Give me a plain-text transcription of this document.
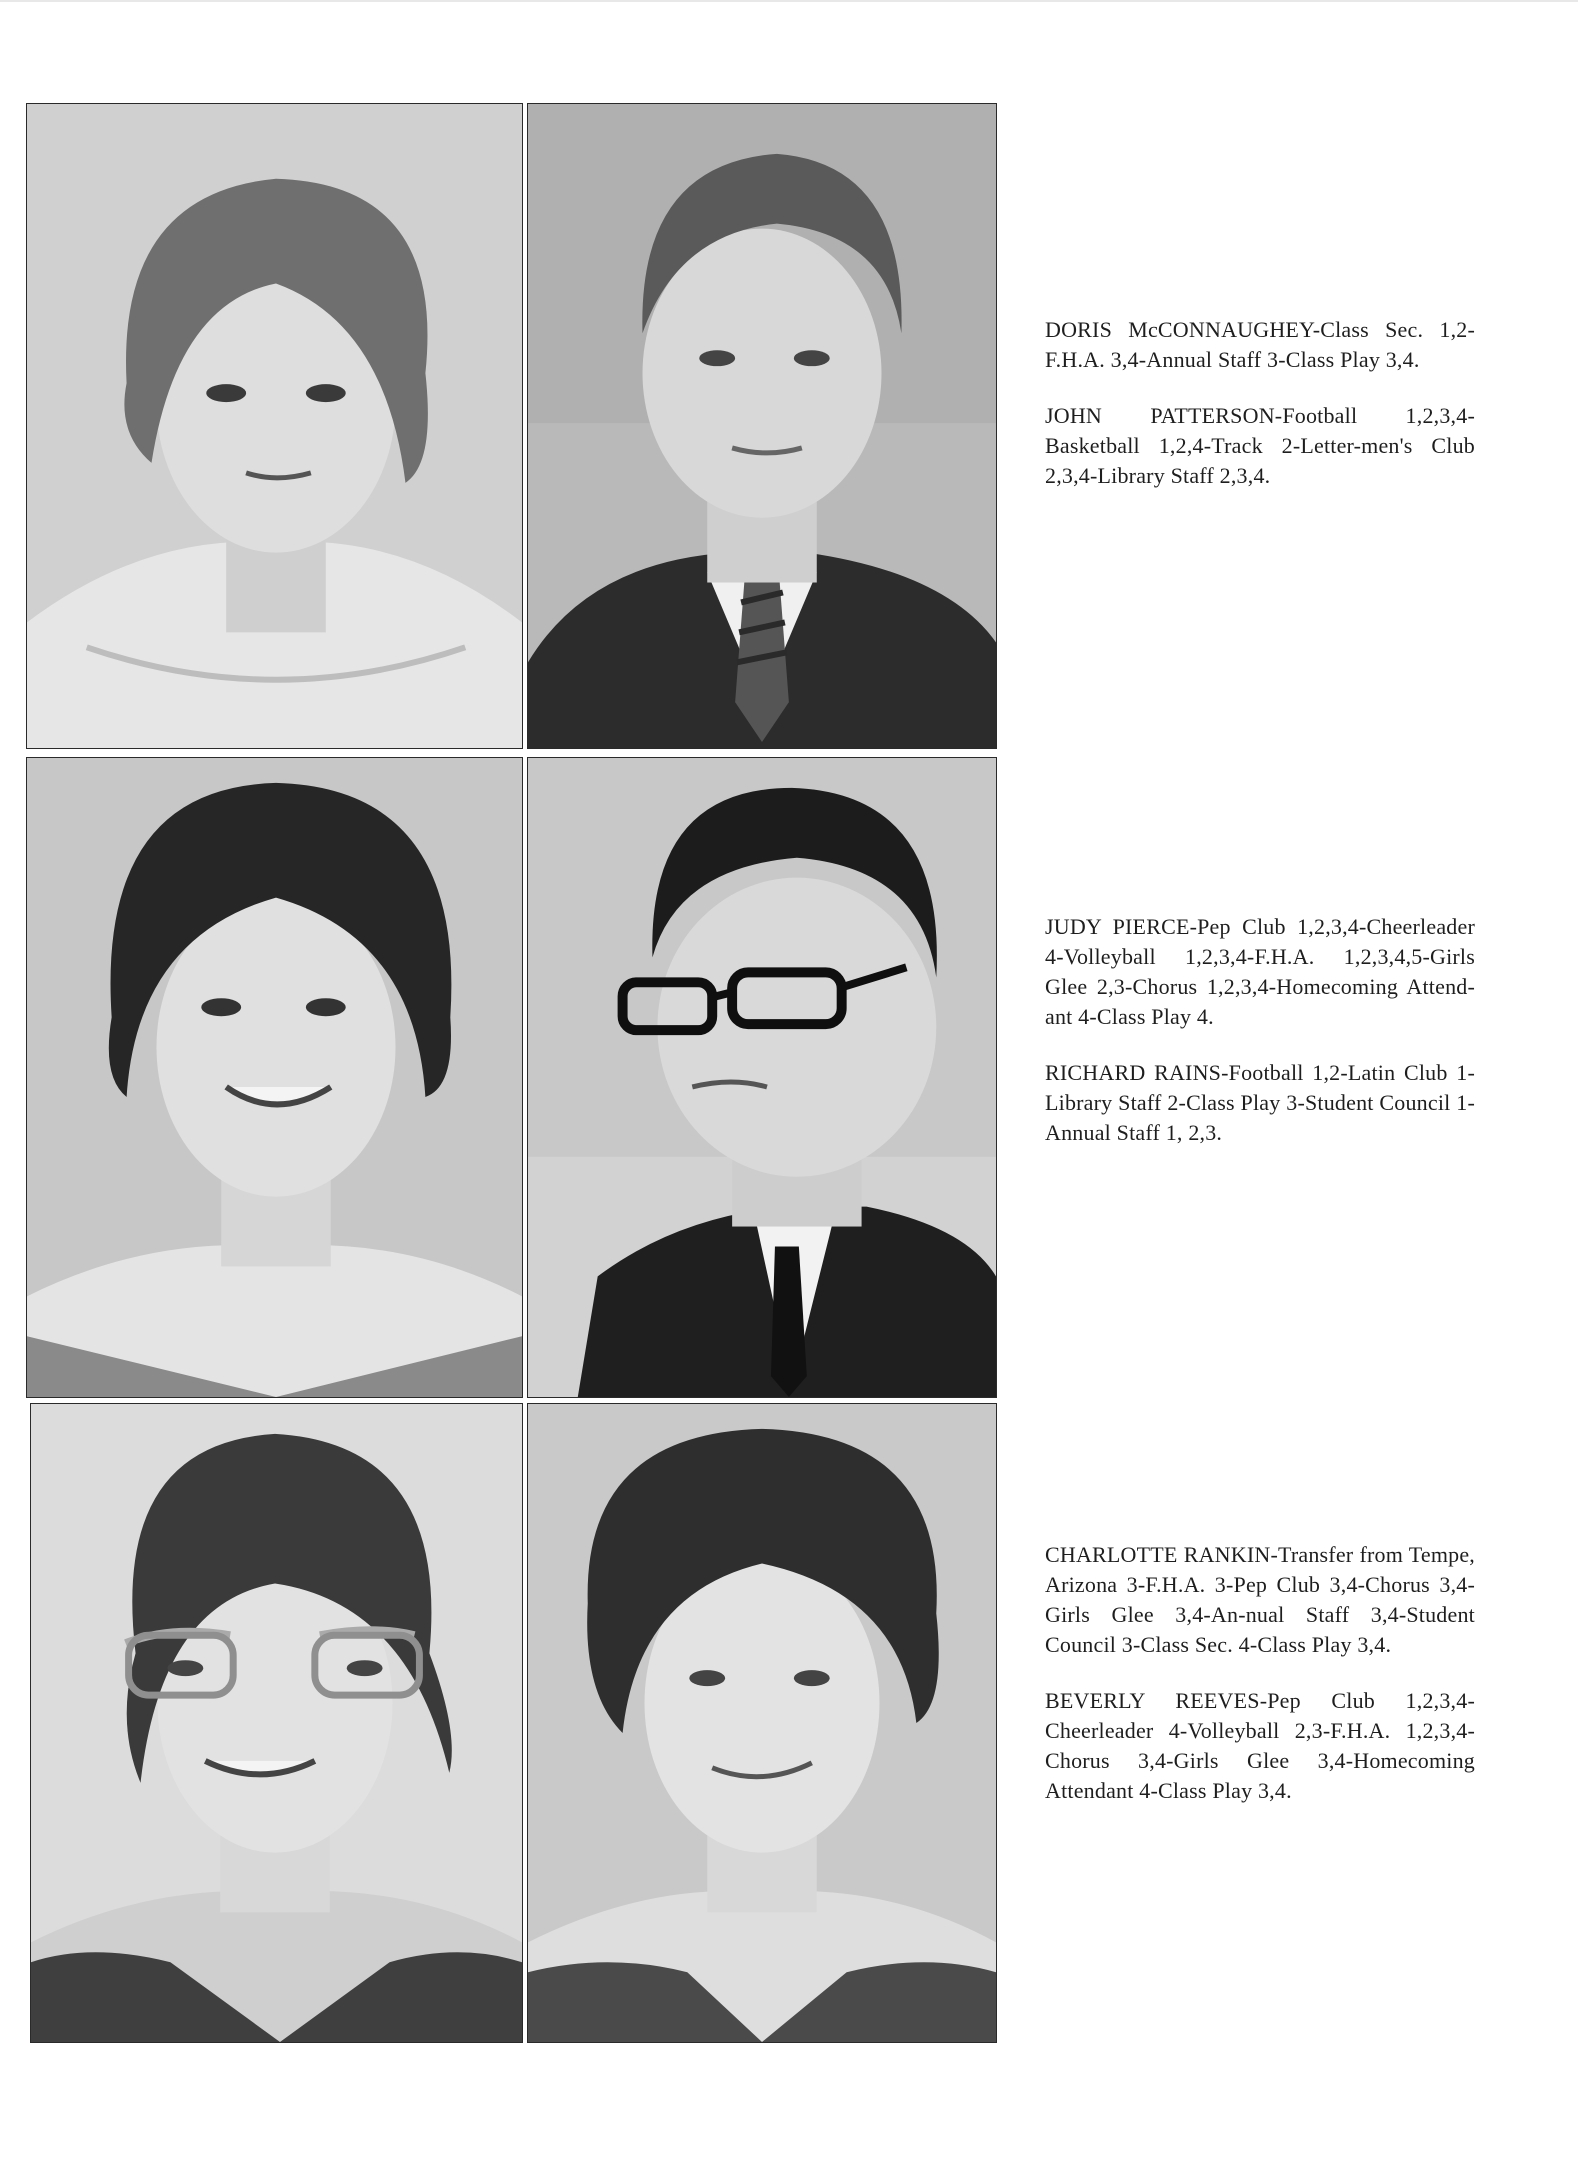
DORIS McCONNAUGHEY-Class Sec. 1,2-F.H.A. 3,4-Annual Staff 3-Class Play 3,4.

JOHN PATTERSON-Football 1,2,3,4-Basketball 1,2,4-Track 2-Letter-men's Club 2,3,4-Library Staff 2,3,4.

JUDY PIERCE-Pep Club 1,2,3,4-Cheerleader 4-Volleyball 1,2,3,4-F.H.A. 1,2,3,4,5-Girls Glee 2,3-Chorus 1,2,3,4-Homecoming Attend-ant 4-Class Play 4.

RICHARD RAINS-Football 1,2-Latin Club 1-Library Staff 2-Class Play 3-Student Council 1-Annual Staff 1, 2,3.

CHARLOTTE RANKIN-Transfer from Tempe, Arizona 3-F.H.A. 3-Pep Club 3,4-Chorus 3,4-Girls Glee 3,4-An-nual Staff 3,4-Student Council 3-Class Sec. 4-Class Play 3,4.

BEVERLY REEVES-Pep Club 1,2,3,4-Cheerleader 4-Volleyball 2,3-F.H.A. 1,2,3,4-Chorus 3,4-Girls Glee 3,4-Homecoming Attendant 4-Class Play 3,4.
